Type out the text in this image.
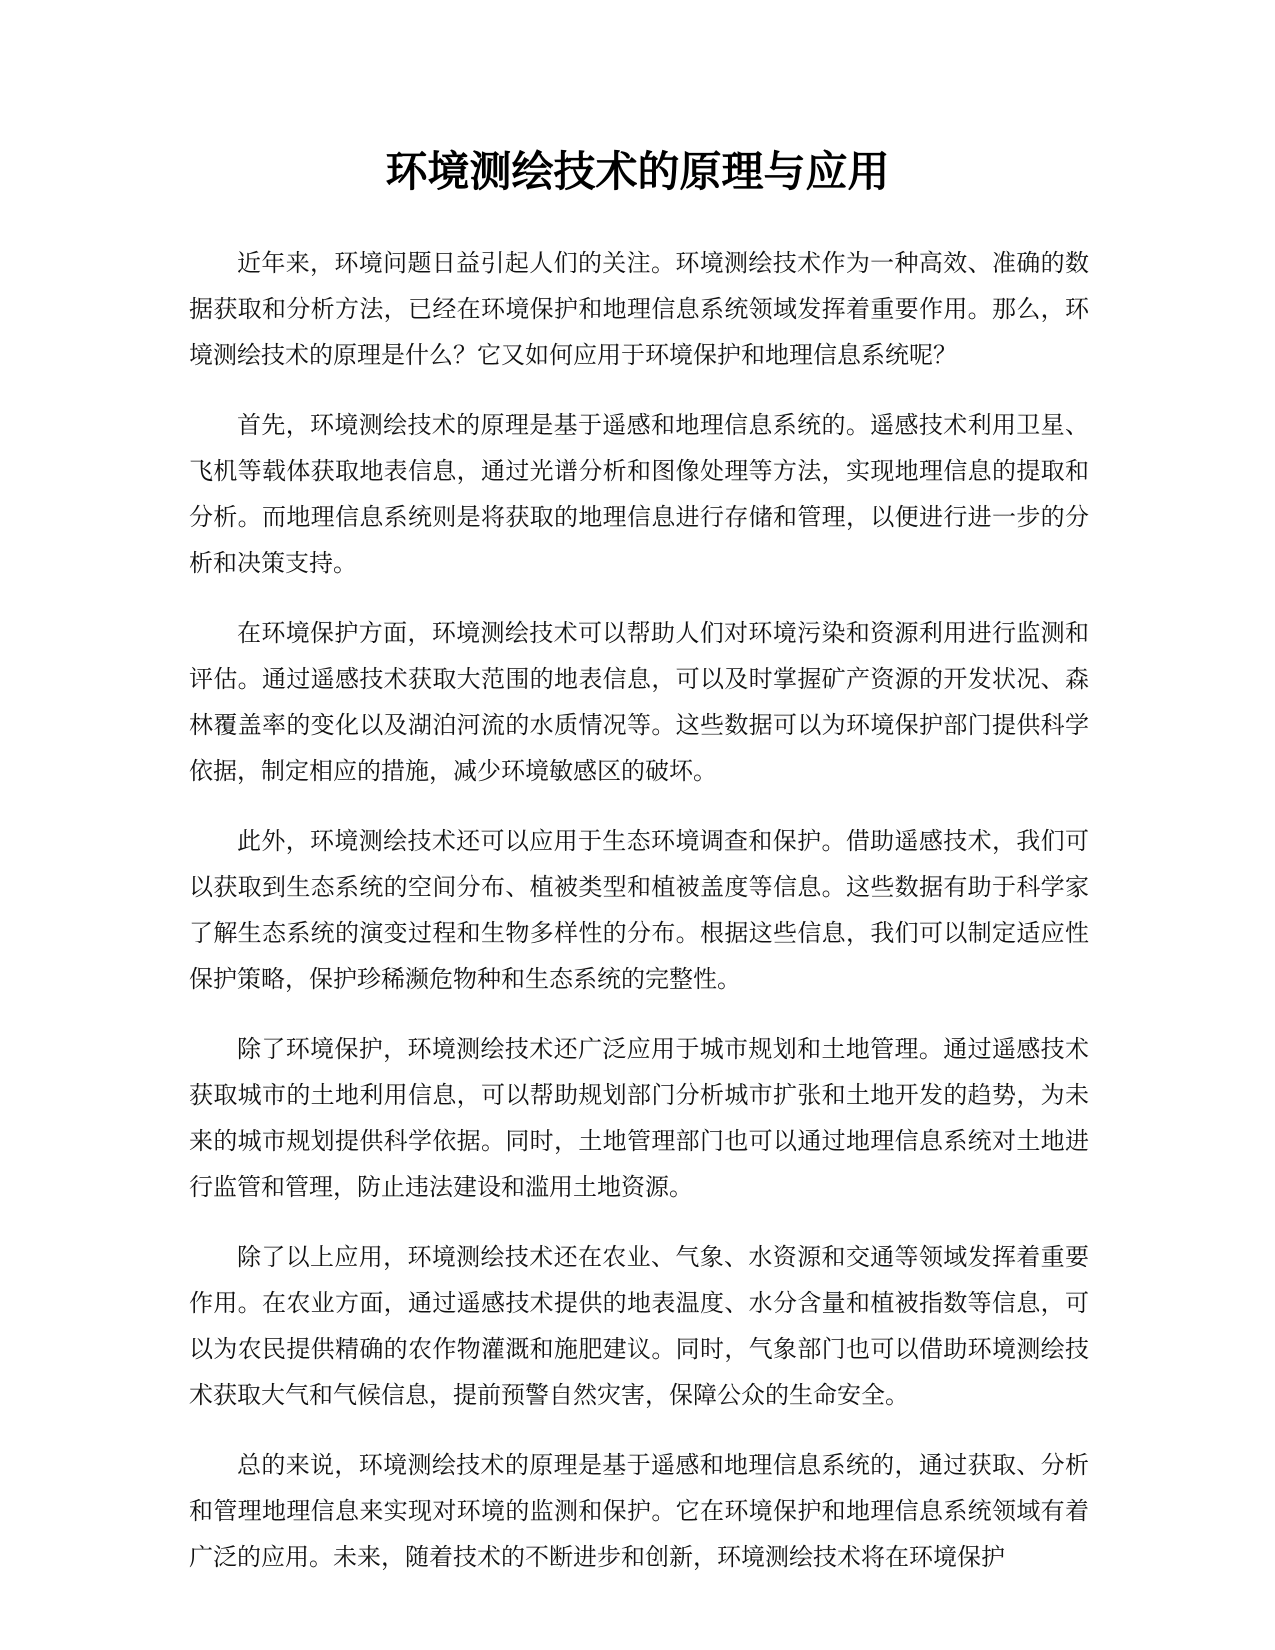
环境测绘技术的原理与应用

近年来，环境问题日益引起人们的关注。环境测绘技术作为一种高效、准确的数据获取和分析方法，已经在环境保护和地理信息系统领域发挥着重要作用。那么，环境测绘技术的原理是什么？它又如何应用于环境保护和地理信息系统呢？

首先，环境测绘技术的原理是基于遥感和地理信息系统的。遥感技术利用卫星、飞机等载体获取地表信息，通过光谱分析和图像处理等方法，实现地理信息的提取和分析。而地理信息系统则是将获取的地理信息进行存储和管理，以便进行进一步的分析和决策支持。

在环境保护方面，环境测绘技术可以帮助人们对环境污染和资源利用进行监测和评估。通过遥感技术获取大范围的地表信息，可以及时掌握矿产资源的开发状况、森林覆盖率的变化以及湖泊河流的水质情况等。这些数据可以为环境保护部门提供科学依据，制定相应的措施，减少环境敏感区的破坏。

此外，环境测绘技术还可以应用于生态环境调查和保护。借助遥感技术，我们可以获取到生态系统的空间分布、植被类型和植被盖度等信息。这些数据有助于科学家了解生态系统的演变过程和生物多样性的分布。根据这些信息，我们可以制定适应性保护策略，保护珍稀濒危物种和生态系统的完整性。

除了环境保护，环境测绘技术还广泛应用于城市规划和土地管理。通过遥感技术获取城市的土地利用信息，可以帮助规划部门分析城市扩张和土地开发的趋势，为未来的城市规划提供科学依据。同时，土地管理部门也可以通过地理信息系统对土地进行监管和管理，防止违法建设和滥用土地资源。

除了以上应用，环境测绘技术还在农业、气象、水资源和交通等领域发挥着重要作用。在农业方面，通过遥感技术提供的地表温度、水分含量和植被指数等信息，可以为农民提供精确的农作物灌溉和施肥建议。同时，气象部门也可以借助环境测绘技术获取大气和气候信息，提前预警自然灾害，保障公众的生命安全。

总的来说，环境测绘技术的原理是基于遥感和地理信息系统的，通过获取、分析和管理地理信息来实现对环境的监测和保护。它在环境保护和地理信息系统领域有着广泛的应用。未来，随着技术的不断进步和创新，环境测绘技术将在环境保护
